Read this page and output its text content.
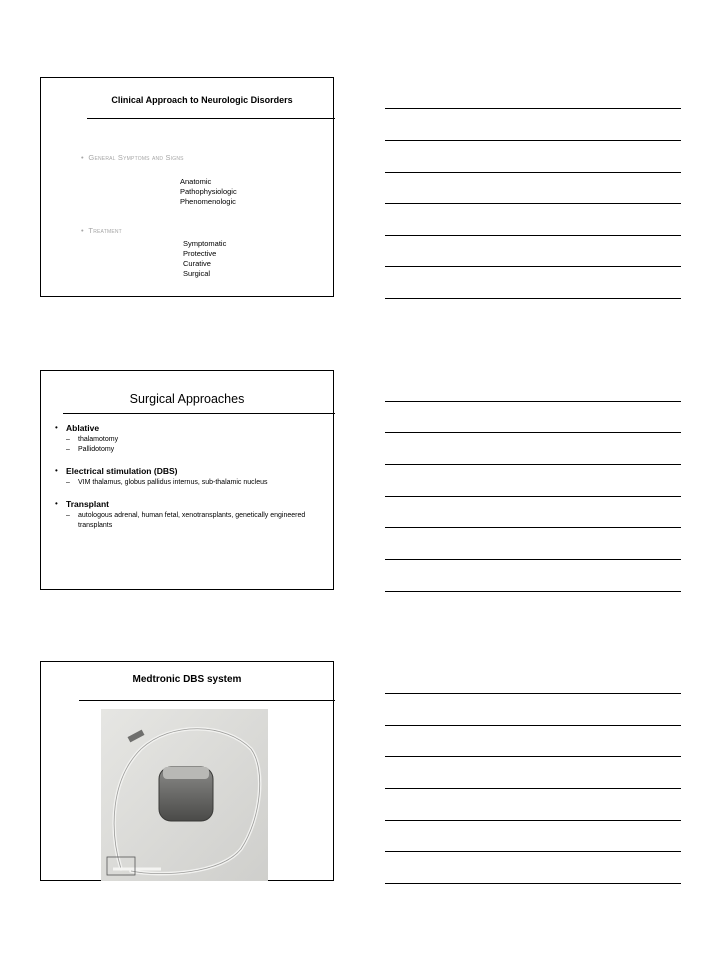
Clinical Approach to Neurologic Disorders
• General Symptoms and Signs
Anatomic
Pathophysiologic
Phenomenologic
• Treatment
Symptomatic
Protective
Curative
Surgical
Surgical Approaches
• Ablative
– thalamotomy
– Pallidotomy
• Electrical stimulation (DBS)
– VIM thalamus, globus pallidus internus, sub-thalamic nucleus
• Transplant
– autologous adrenal, human fetal, xenotransplants, genetically engineered transplants
Medtronic DBS system
